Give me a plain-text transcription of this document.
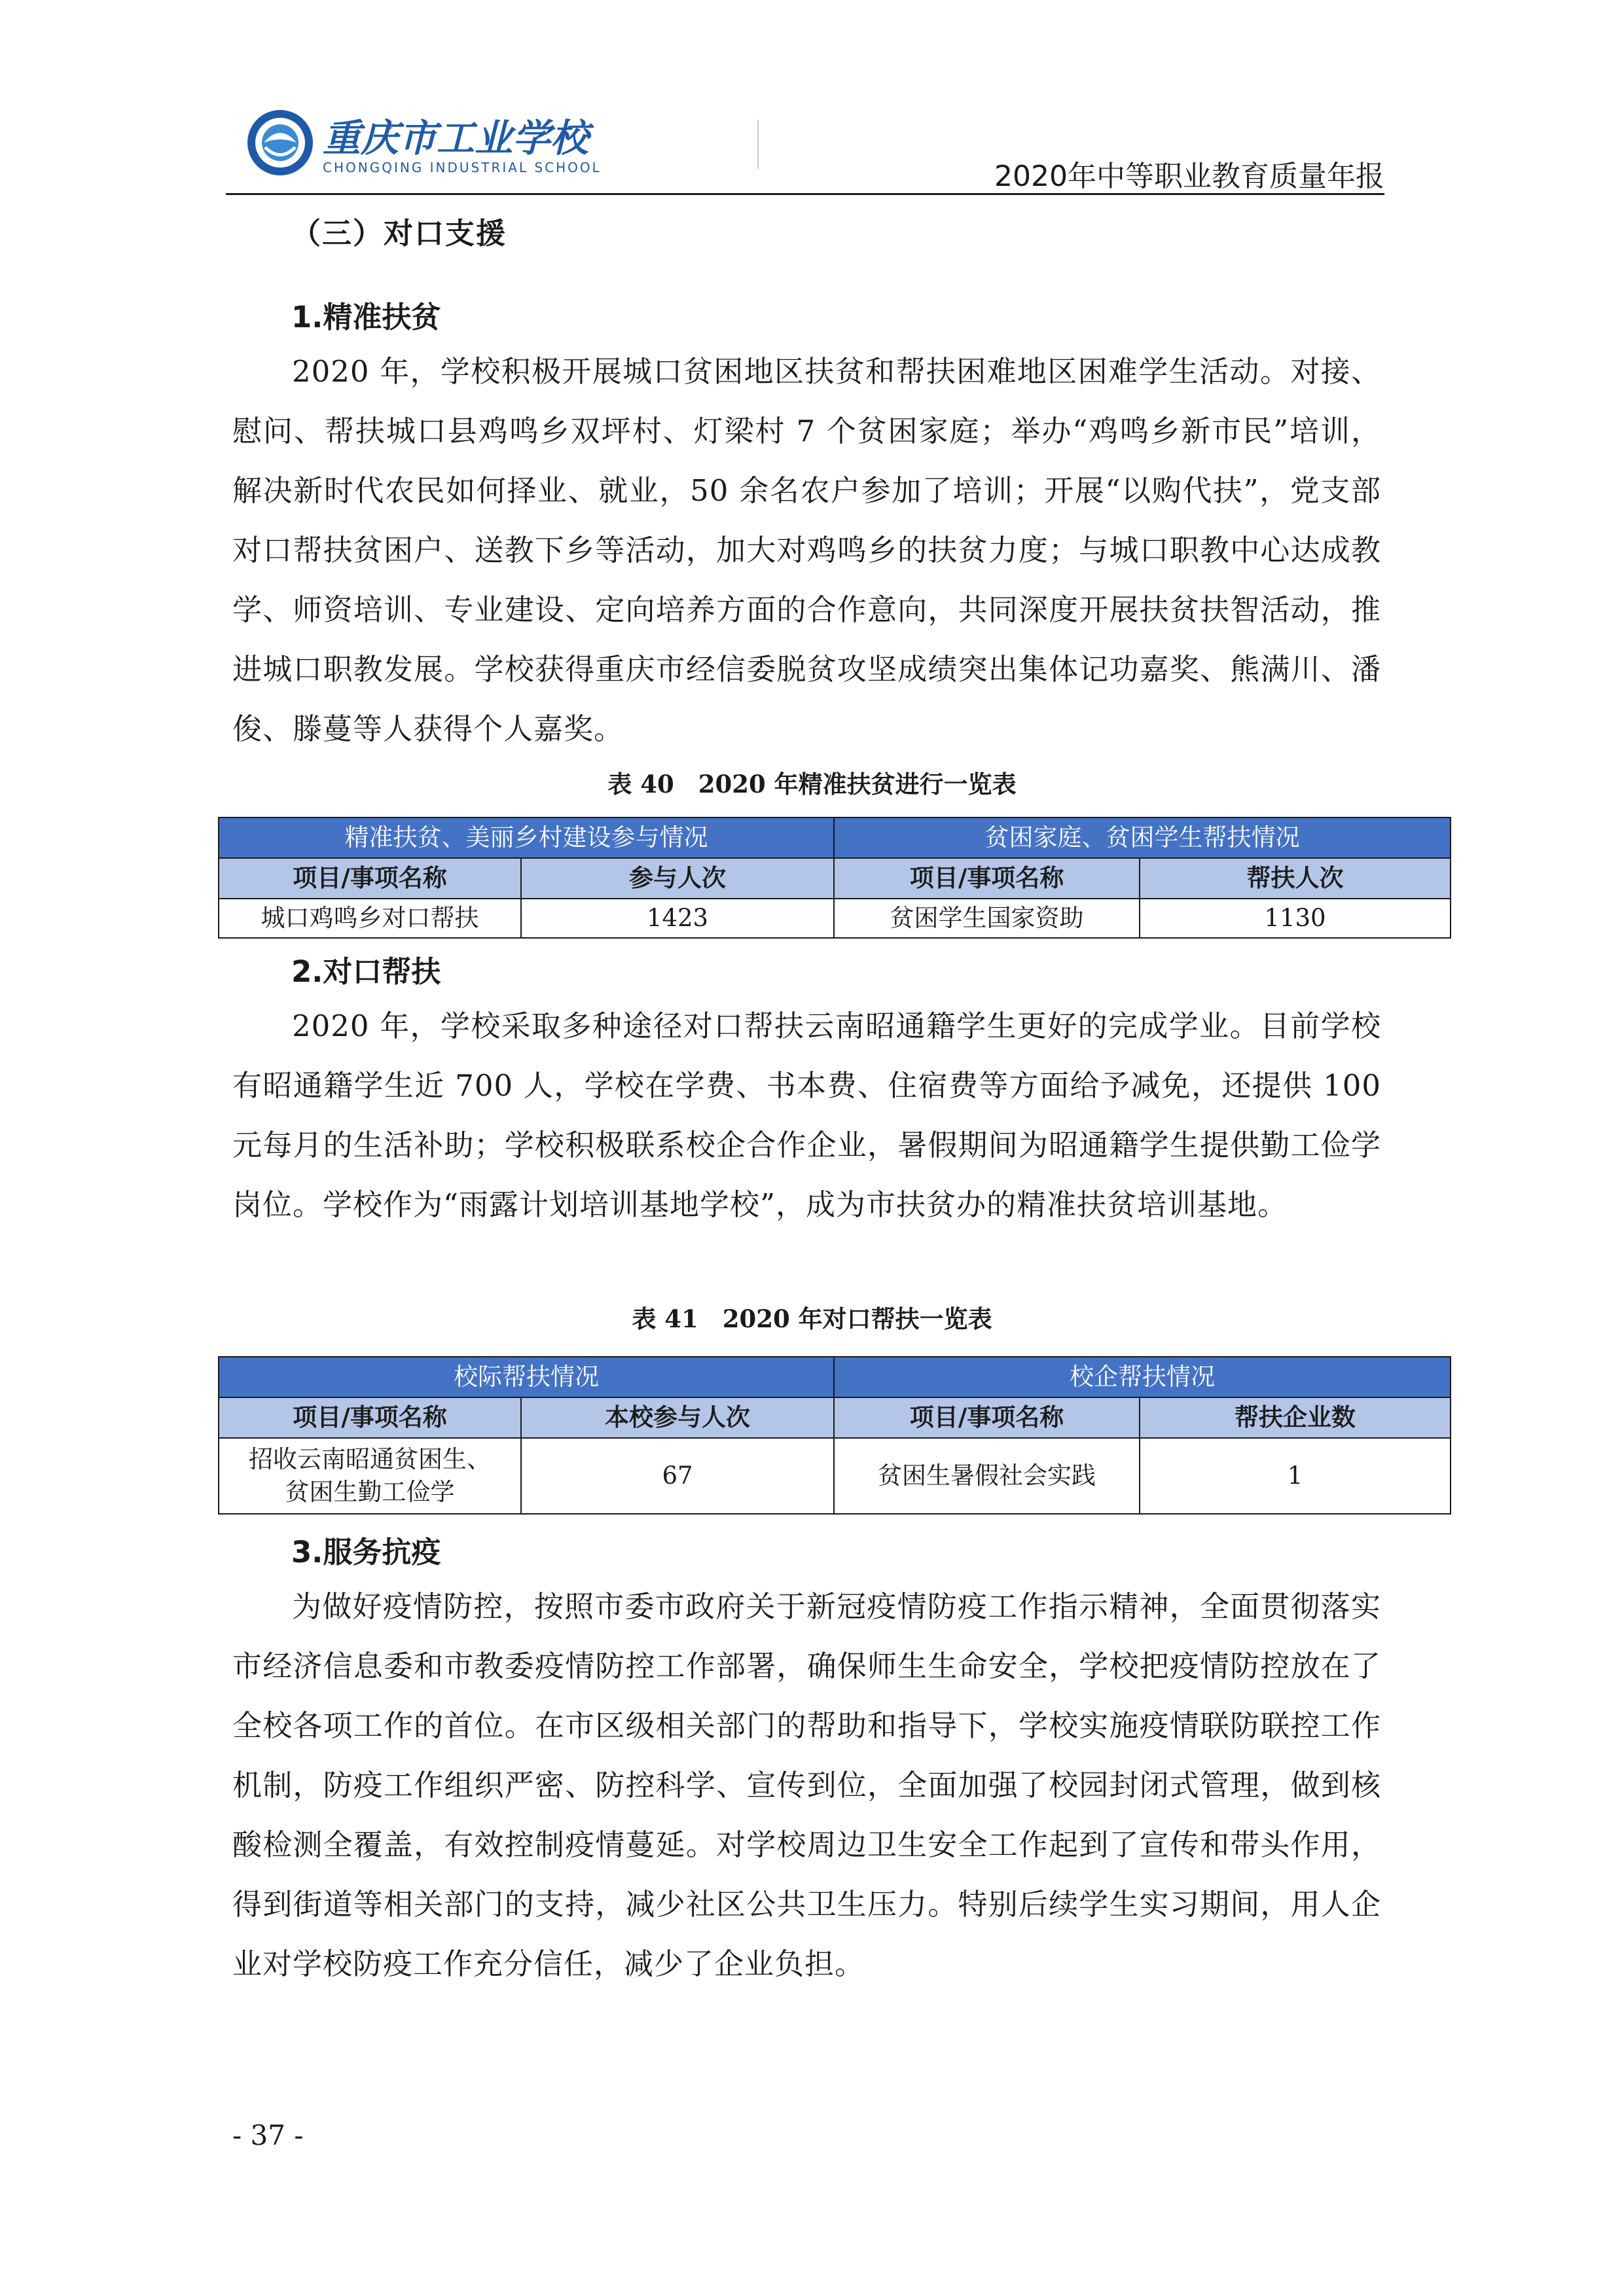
重庆市工业学校
CHONGQING INDUSTRIAL SCHOOL	2020年中等职业教育质量年报
（三）对口支援
1.精准扶贫

2020 年，学校积极开展城口贫困地区扶贫和帮扶困难地区困难学生活动。对接、慰问、帮扶城口县鸡鸣乡双坪村、灯梁村 7 个贫困家庭；举办“鸡鸣乡新市民”培训，解决新时代农民如何择业、就业，50 余名农户参加了培训；开展“以购代扶”，党支部对口帮扶贫困户、送教下乡等活动，加大对鸡鸣乡的扶贫力度；与城口职教中心达成教学、师资培训、专业建设、定向培养方面的合作意向，共同深度开展扶贫扶智活动，推进城口职教发展。学校获得重庆市经信委脱贫攻坚成绩突出集体记功嘉奖、熊满川、潘俊、滕蔓等人获得个人嘉奖。

表 40　2020 年精准扶贫进行一览表
精准扶贫、美丽乡村建设参与情况		贫困家庭、贫困学生帮扶情况	
项目/事项名称	参与人次	项目/事项名称	帮扶人次
城口鸡鸣乡对口帮扶	1423	贫困学生国家资助	1130
2.对口帮扶

2020 年，学校采取多种途径对口帮扶云南昭通籍学生更好的完成学业。目前学校有昭通籍学生近 700 人，学校在学费、书本费、住宿费等方面给予减免，还提供 100 元每月的生活补助；学校积极联系校企合作企业，暑假期间为昭通籍学生提供勤工俭学岗位。学校作为“雨露计划培训基地学校”，成为市扶贫办的精准扶贫培训基地。

表 41　2020 年对口帮扶一览表
校际帮扶情况		校企帮扶情况	
项目/事项名称	本校参与人次	项目/事项名称	帮扶企业数

招收云南昭通贫困生、
贫困生勤工俭学	67	贫困生暑假社会实践	1
3.服务抗疫

为做好疫情防控，按照市委市政府关于新冠疫情防疫工作指示精神，全面贯彻落实市经济信息委和市教委疫情防控工作部署，确保师生生命安全，学校把疫情防控放在了全校各项工作的首位。在市区级相关部门的帮助和指导下，学校实施疫情联防联控工作机制，防疫工作组织严密、防控科学、宣传到位，全面加强了校园封闭式管理，做到核酸检测全覆盖，有效控制疫情蔓延。对学校周边卫生安全工作起到了宣传和带头作用，得到街道等相关部门的支持，减少社区公共卫生压力。特别后续学生实习期间，用人企业对学校防疫工作充分信任，减少了企业负担。

- 37 -
